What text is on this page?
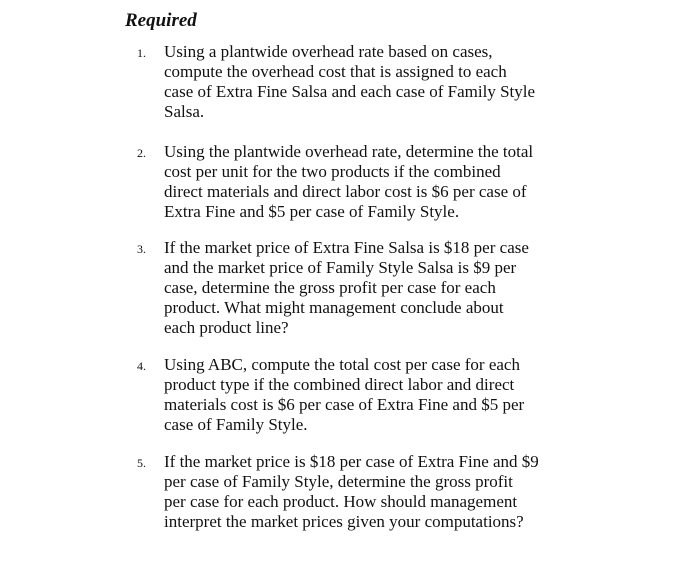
Required
1. Using a plantwide overhead rate based on cases,
compute the overhead cost that is assigned to each
case of Extra Fine Salsa and each case of Family Style
Salsa.
2. Using the plantwide overhead rate, determine the total
cost per unit for the two products if the combined
direct materials and direct labor cost is $6 per case of
Extra Fine and $5 per case of Family Style.
3. If the market price of Extra Fine Salsa is $18 per case
and the market price of Family Style Salsa is $9 per
case, determine the gross profit per case for each
product. What might management conclude about
each product line?
4. Using ABC, compute the total cost per case for each
product type if the combined direct labor and direct
materials cost is $6 per case of Extra Fine and $5 per
case of Family Style.
5. If the market price is $18 per case of Extra Fine and $9
per case of Family Style, determine the gross profit
per case for each product. How should management
interpret the market prices given your computations?
